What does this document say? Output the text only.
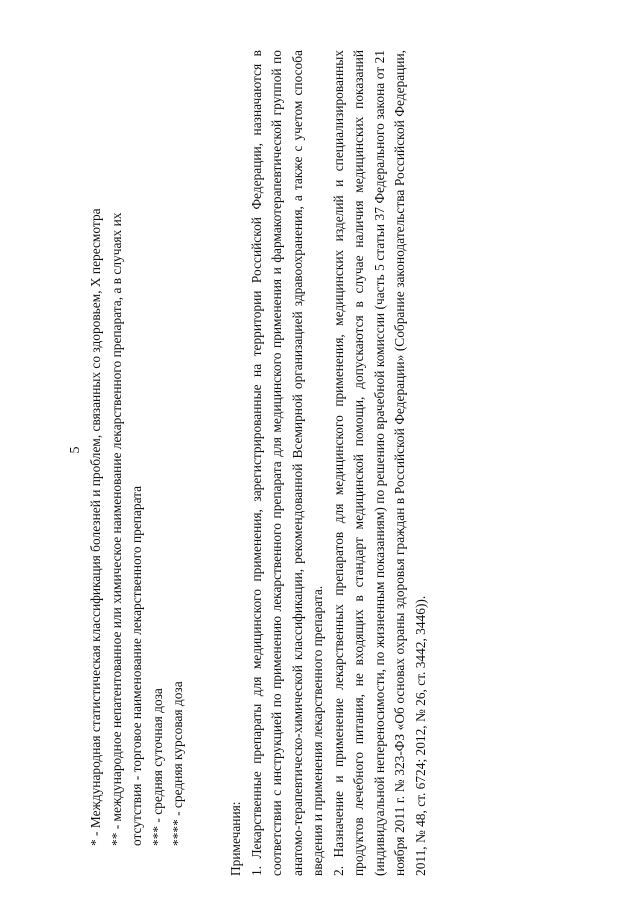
5 * - Международная статистическая классификация болезней и проблем, связанных со здоровьем, X пересмотра ** - международное непатентованное или химическое наименование лекарственного препарата, а в случаях их отсутствия - торговое наименование лекарственного препарата *** - средняя суточная доза **** - средняя курсовая доза	Примечания: 1. Лекарственные препараты для медицинского применения, зарегистрированные на территории Российской Федерации, назначаются в соответствии с инструкцией по применению лекарственного препарата для медицинского применения и фармакотерапевтической группой по анатомо-терапевтическо-химической классификации, рекомендованной Всемирной организацией здравоохранения, а также с учетом способа введения и применения лекарственного препарата. 2. Назначение и применение лекарственных препаратов для медицинского применения, медицинских изделий и специализированных продуктов лечебного питания, не входящих в стандарт медицинской помощи, допускаются в случае наличия медицинских показаний (индивидуальной непереносимости, по жизненным показаниям) по решению врачебной комиссии (часть 5 статьи 37 Федерального закона от 21 ноября 2011 г. № 323-ФЗ «Об основах охраны здоровья граждан в Российской Федерации» (Собрание законодательства Российской Федерации, 2011, № 48, ст. 6724; 2012, № 26, ст. 3442, 3446)).
